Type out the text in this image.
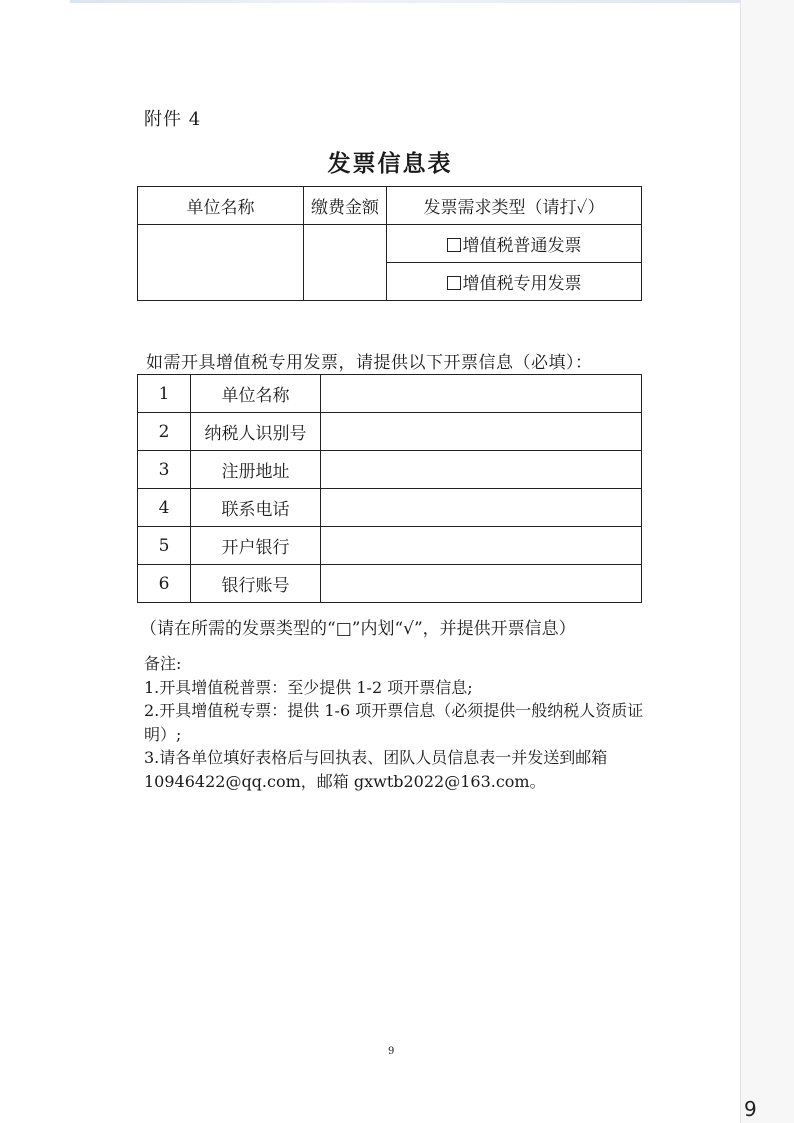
附件 4
发票信息表
单位名称	缴费金额	发票需求类型（请打✓）
		增值税普通发票
		增值税专用发票
如需开具增值税专用发票，请提供以下开票信息（必填）：
1	单位名称	
2	纳税人识别号	
3	注册地址	
4	联系电话	
5	开户银行	
6	银行账号	
（请在所需的发票类型的“□”内划“√”，并提供开票信息）

备注:

1.开具增值税普票：至少提供 1-2 项开票信息;

2.开具增值税专票：提供 1-6 项开票信息（必须提供一般纳税人资质证明）;

3.请各单位填好表格后与回执表、团队人员信息表一并发送到邮箱 10946422@qq.com，邮箱 gxwtb2022@163.com。

9
9
